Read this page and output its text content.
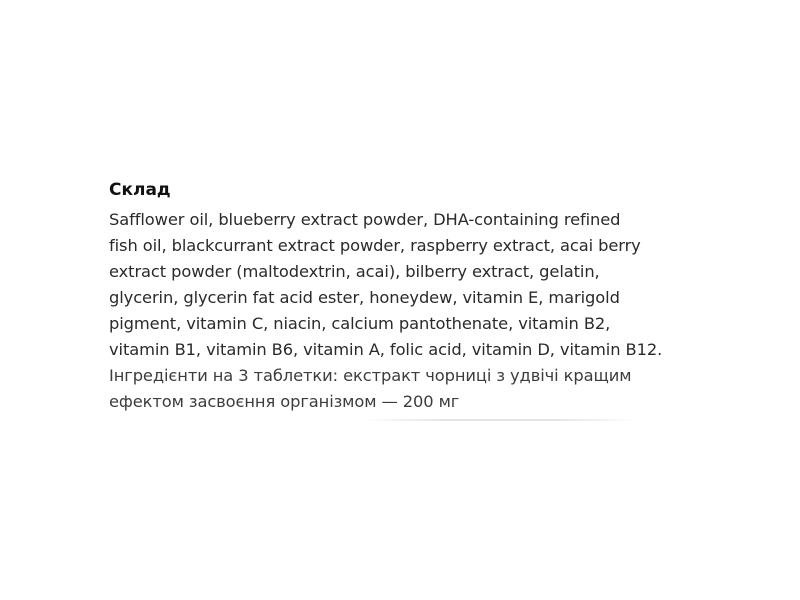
Склад
Safflower oil, blueberry extract powder, DHA-containing refined
fish oil, blackcurrant extract powder, raspberry extract, acai berry
extract powder (maltodextrin, acai), bilberry extract, gelatin,
glycerin, glycerin fat acid ester, honeydew, vitamin E, marigold
pigment, vitamin C, niacin, calcium pantothenate, vitamin B2,
vitamin B1, vitamin B6, vitamin A, folic acid, vitamin D, vitamin B12.
Інгредієнти на 3 таблетки: екстракт чорниці з удвічі кращим
ефектом засвоєння організмом — 200 мг
